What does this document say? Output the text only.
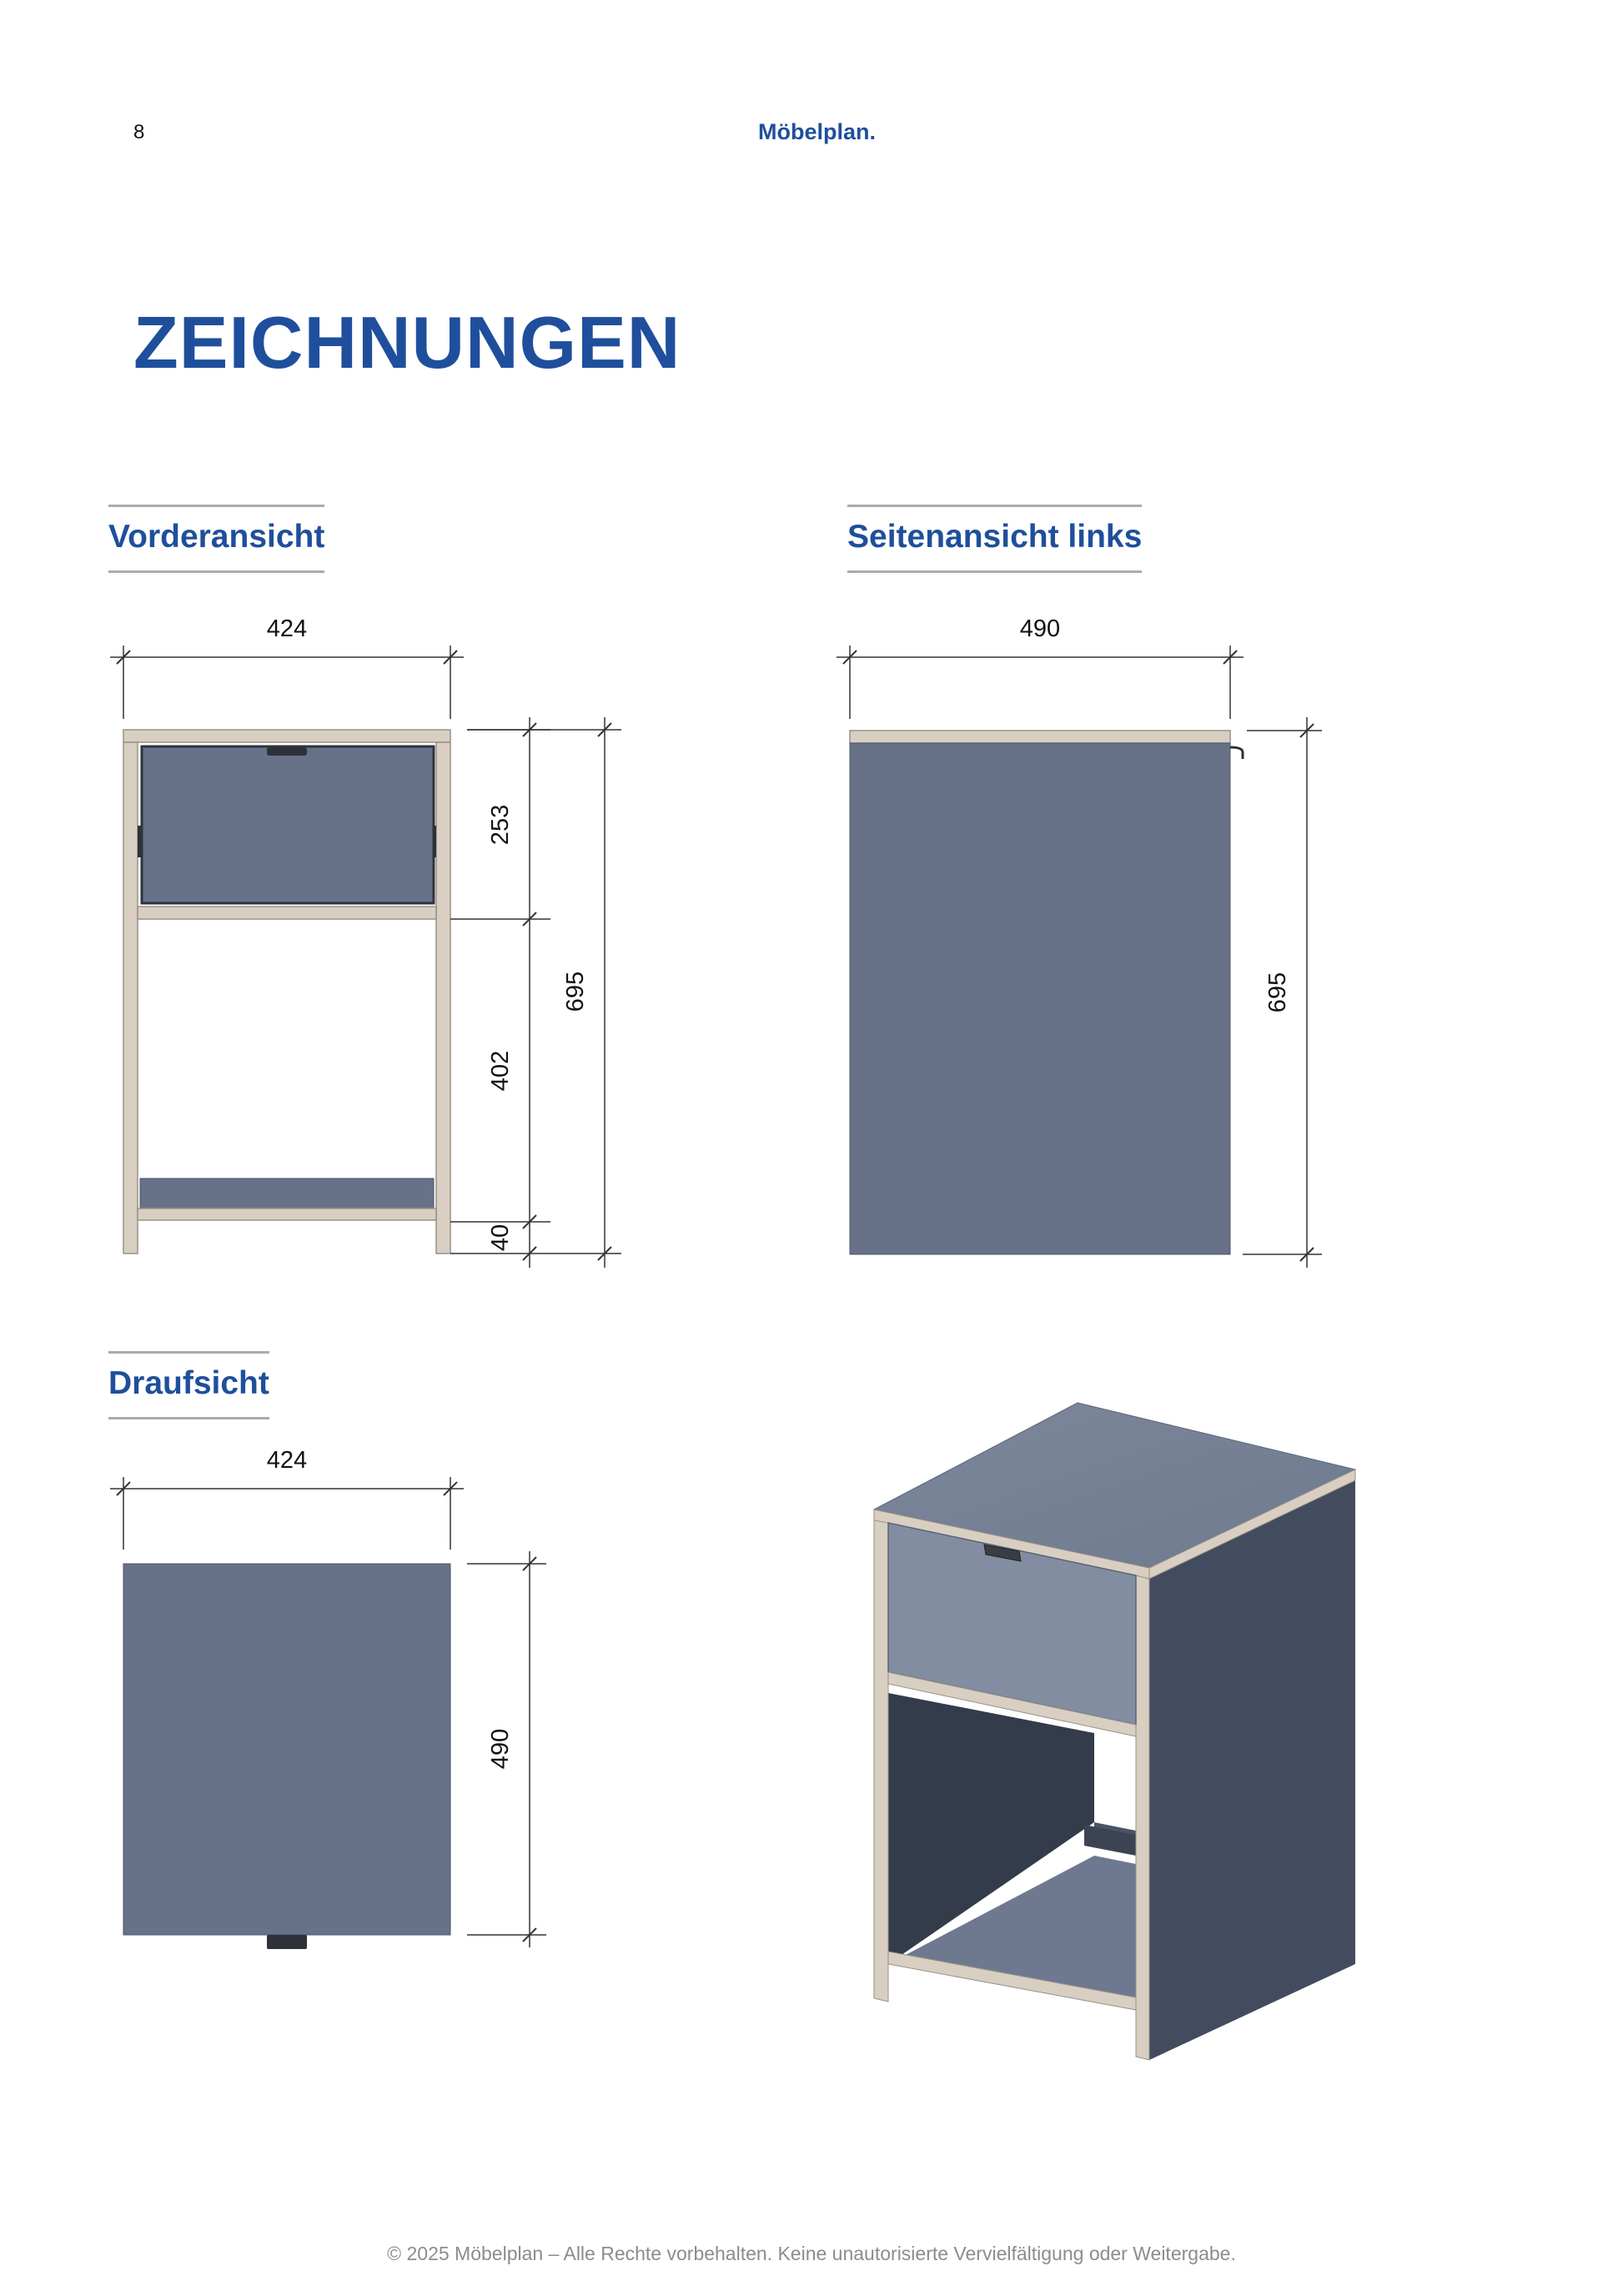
8	Möbelplan.
ZEICHNUNGEN
Vorderansicht	Seitenansicht links
Draufsicht
424
253
402
40
695
490
695
424
490
© 2025 Möbelplan – Alle Rechte vorbehalten. Keine unautorisierte Vervielfältigung oder Weitergabe.
